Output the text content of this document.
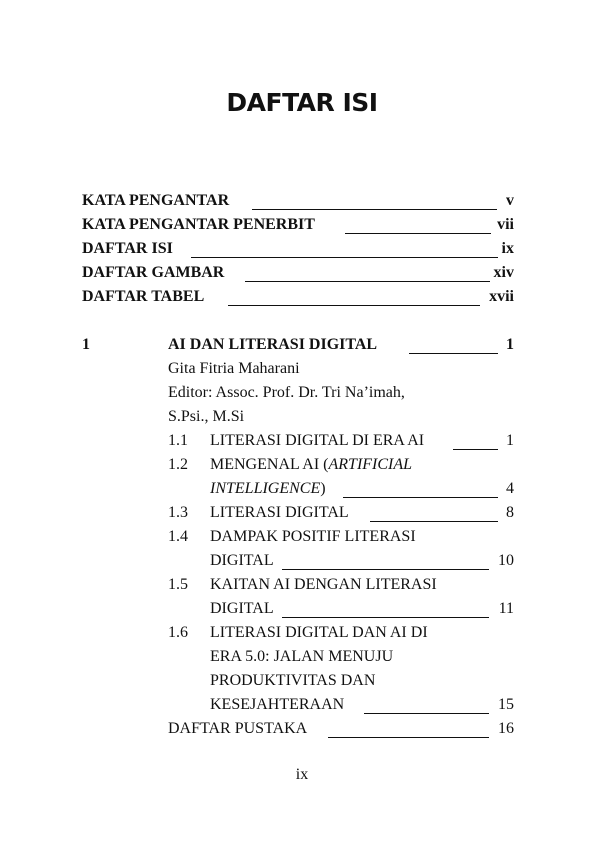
DAFTAR ISI
KATA PENGANTAR	v
KATA PENGANTAR PENERBIT	vii
DAFTAR ISI	ix
DAFTAR GAMBAR	xiv
DAFTAR TABEL	xvii
1	AI DAN LITERASI DIGITAL	1
Gita Fitria Maharani
Editor: Assoc. Prof. Dr. Tri Na’imah,
S.Psi., M.Si
1.1 LITERASI DIGITAL DI ERA AI	1
1.2 MENGENAL AI (ARTIFICIAL
INTELLIGENCE)	4
1.3 LITERASI DIGITAL	8
1.4 DAMPAK POSITIF LITERASI
DIGITAL	10
1.5 KAITAN AI DENGAN LITERASI
DIGITAL	11
1.6 LITERASI DIGITAL DAN AI DI
ERA 5.0: JALAN MENUJU
PRODUKTIVITAS DAN
KESEJAHTERAAN	15
DAFTAR PUSTAKA	16
ix
